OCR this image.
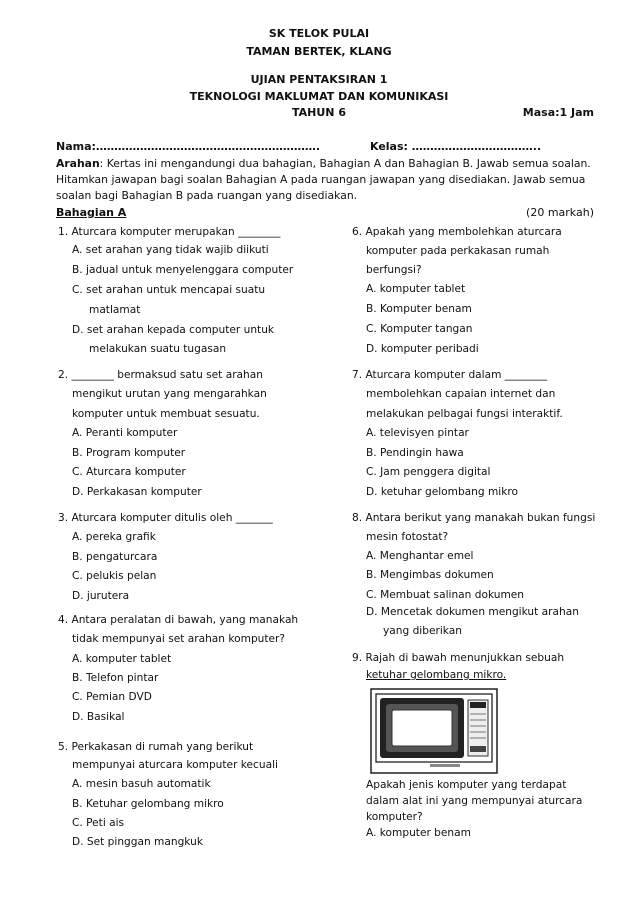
SK TELOK PULAI
TAMAN BERTEK, KLANG
UJIAN PENTAKSIRAN 1
TEKNOLOGI MAKLUMAT DAN KOMUNIKASI
TAHUN 6	Masa:1 Jam
Nama:…………………………………………………….	Kelas: ……………………………..
Arahan: Kertas ini mengandungi dua bahagian, Bahagian A dan Bahagian B. Jawab semua soalan.
Hitamkan jawapan bagi soalan Bahagian A pada ruangan jawapan yang disediakan. Jawab semua
soalan bagi Bahagian B pada ruangan yang disediakan.
Bahagian A	(20 markah)
1. Aturcara komputer merupakan ________
A. set arahan yang tidak wajib diikuti
B. jadual untuk menyelenggara computer
C. set arahan untuk mencapai suatu
matlamat
D. set arahan kepada computer untuk
melakukan suatu tugasan
2. ________ bermaksud satu set arahan
mengikut urutan yang mengarahkan
komputer untuk membuat sesuatu.
A. Peranti komputer
B. Program komputer
C. Aturcara komputer
D. Perkakasan komputer
3. Aturcara komputer ditulis oleh _______
A. pereka grafik
B. pengaturcara
C. pelukis pelan
D. jurutera
4. Antara peralatan di bawah, yang manakah
tidak mempunyai set arahan komputer?
A. komputer tablet
B. Telefon pintar
C. Pemian DVD
D. Basikal
5. Perkakasan di rumah yang berikut
mempunyai aturcara komputer kecuali
A. mesin basuh automatik
B. Ketuhar gelombang mikro
C. Peti ais
D. Set pinggan mangkuk
6. Apakah yang membolehkan aturcara
komputer pada perkakasan rumah
berfungsi?
A. komputer tablet
B. Komputer benam
C. Komputer tangan
D. komputer peribadi
7. Aturcara komputer dalam ________
membolehkan capaian internet dan
melakukan pelbagai fungsi interaktif.
A. televisyen pintar
B. Pendingin hawa
C. Jam penggera digital
D. ketuhar gelombang mikro
8. Antara berikut yang manakah bukan fungsi
mesin fotostat?
A. Menghantar emel
B. Mengimbas dokumen
C. Membuat salinan dokumen
D. Mencetak dokumen mengikut arahan
yang diberikan
9. Rajah di bawah menunjukkan sebuah
ketuhar gelombang mikro.
Apakah jenis komputer yang terdapat
dalam alat ini yang mempunyai aturcara
komputer?
A. komputer benam
